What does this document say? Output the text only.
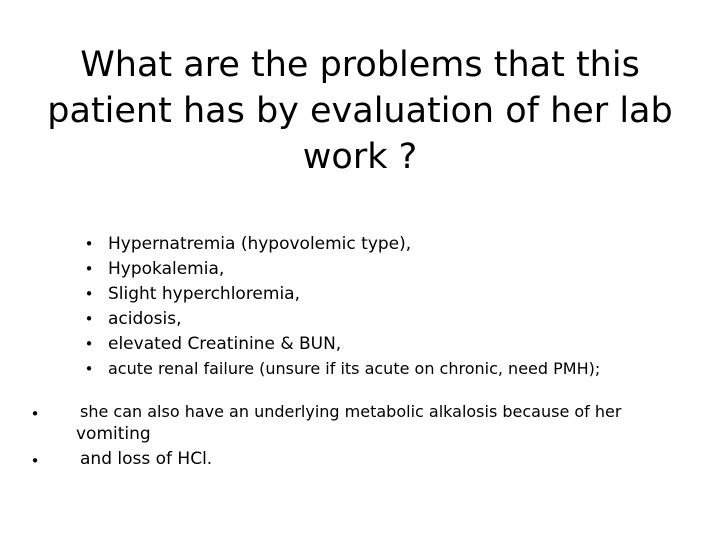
What are the problems that this
patient has by evaluation of her lab
work ?
•
Hypernatremia (hypovolemic type),
•
Hypokalemia,
•
Slight hyperchloremia,
•
acidosis,
•
elevated Creatinine & BUN,
•
acute renal failure (unsure if its acute on chronic, need PMH);
•
she can also have an underlying metabolic alkalosis because of her
vomiting
•
and loss of HCl.
